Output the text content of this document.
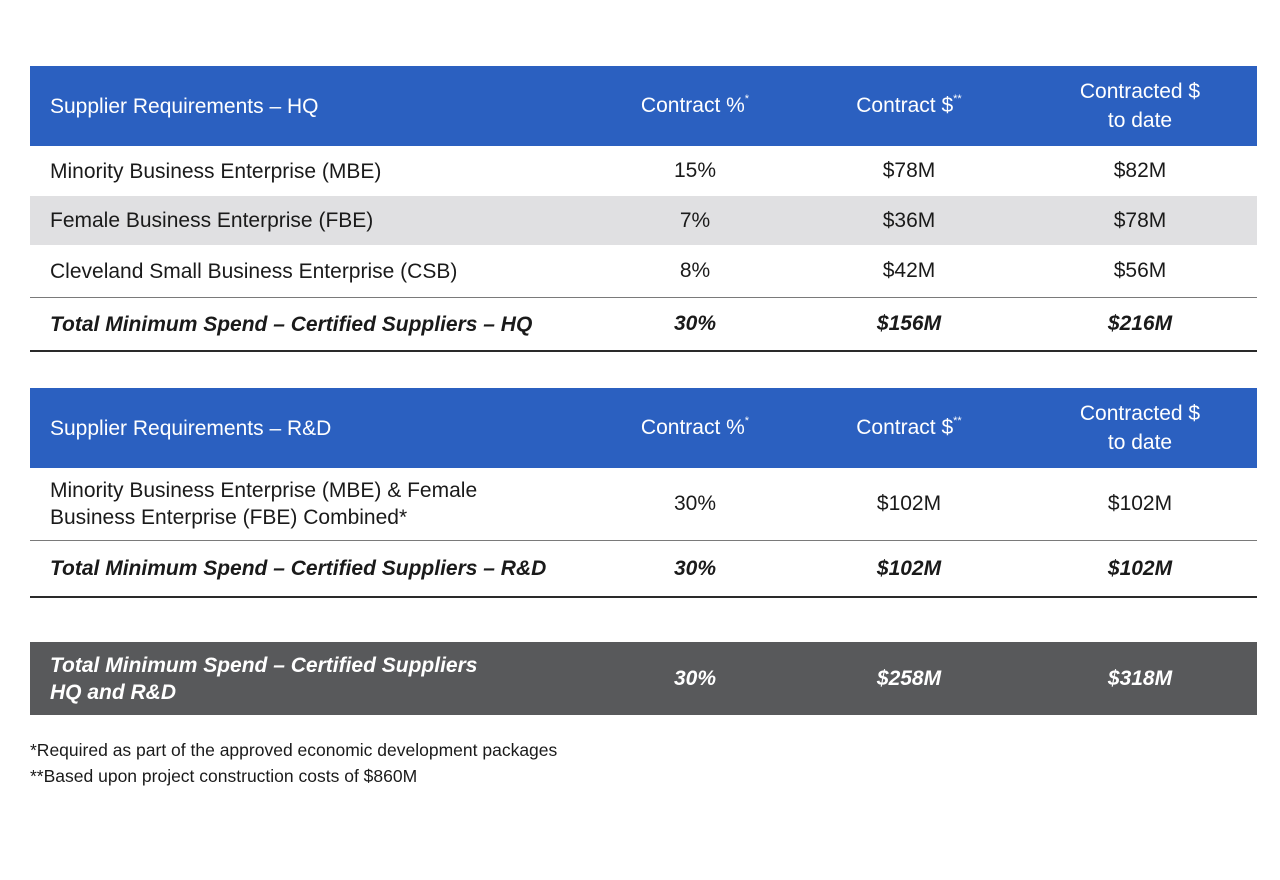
Supplier Requirements – HQ	Contract %*	Contract $**	Contracted $
to date
Minority Business Enterprise (MBE)	15%	$78M	$82M
Female Business Enterprise (FBE)	7%	$36M	$78M
Cleveland Small Business Enterprise (CSB)	8%	$42M	$56M
Total Minimum Spend – Certified Suppliers – HQ	30%	$156M	$216M
Supplier Requirements – R&D	Contract %*	Contract $**	Contracted $
to date
Minority Business Enterprise (MBE) & Female
Business Enterprise (FBE) Combined*
30%	$102M	$102M
Total Minimum Spend – Certified Suppliers – R&D	30%	$102M	$102M
Total Minimum Spend – Certified Suppliers
HQ and R&D
30%	$258M	$318M
*Required as part of the approved economic development packages
**Based upon project construction costs of $860M
